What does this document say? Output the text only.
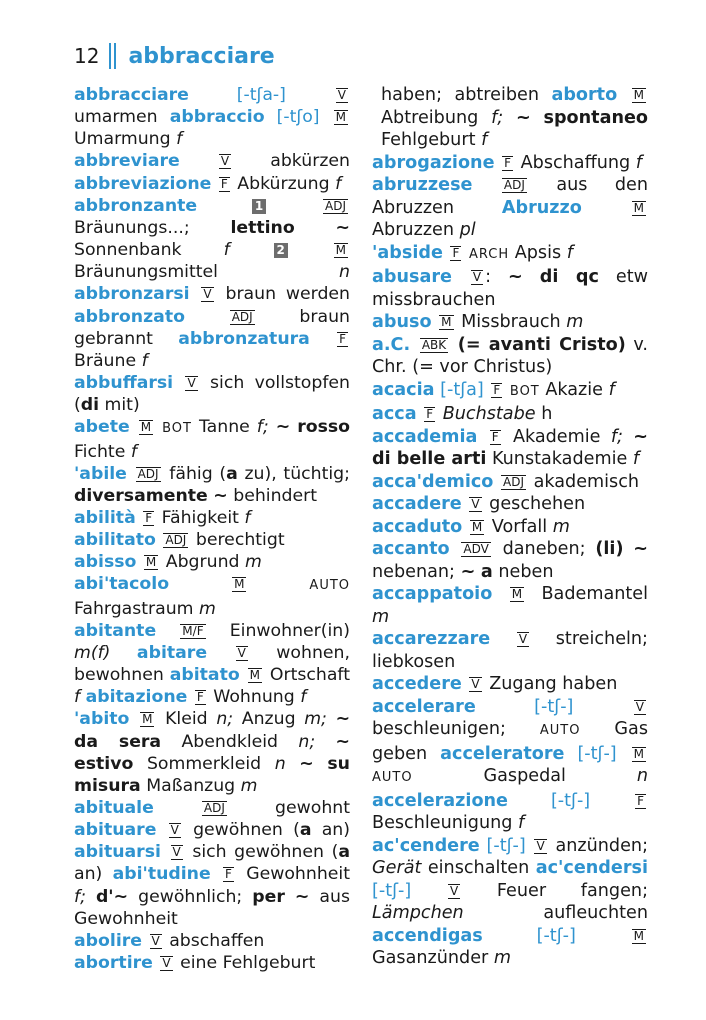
12 abbracciare
abbracciare	[-tʃa-]	V umarmen abbraccio [-tʃo] M Umarmung f
abbreviare	V abkürzen abbreviazione F Abkürzung f
abbronzante	1	ADJ Bräunungs...; lettino ~ Sonnenbank f	2	M Bräunungsmittel	n abbronzarsi V braun werden abbronzato	ADJ	braun gebrannt abbronzatura F Bräune f
abbuffarsi V sich vollstopfen (di mit)
abete M BOT Tanne f; ~ rosso Fichte f
'abile ADJ fähig (a zu), tüchtig; diversamente ~ behindert
abilità F Fähigkeit f
abilitato ADJ berechtigt
abisso M Abgrund m
abi'tacolo	M	AUTO Fahrgastraum m
abitante M/F Einwohner(in) m(f) abitare	V wohnen, bewohnen abitato M Ortschaft f abitazione F Wohnung f
'abito M Kleid n; Anzug m; ~ da sera Abendkleid n; ~ estivo Sommerkleid n ~ su misura Maßanzug m
abituale	ADJ	gewohnt abituare V gewöhnen (a an) abituarsi V sich gewöhnen (a an) abi'tudine F Gewohnheit f; d'~ gewöhnlich; per ~ aus Gewohnheit
abolire V abschaffen
abortire V eine Fehlgeburt
haben; abtreiben aborto M Abtreibung f; ~ spontaneo Fehlgeburt f
abrogazione F Abschaffung f
abruzzese	ADJ aus den Abruzzen	Abruzzo	M Abruzzen pl
'abside F ARCH Apsis f
abusare V : ~ di qc etw missbrauchen
abuso M Missbrauch m
a.C. ABK (= avanti Cristo) v. Chr. (= vor Christus)
acacia [-tʃa] F BOT Akazie f
acca F Buchstabe h
accademia F Akademie f; ~ di belle arti Kunstakademie f
acca'demico ADJ akademisch
accadere V geschehen
accaduto M Vorfall m
accanto ADV daneben; (li) ~ nebenan; ~ a neben
accappatoio M Bademantel m
accarezzare V streicheln; liebkosen
accedere V Zugang haben
accelerare	[-tʃ-]	V beschleunigen;	AUTO Gas geben acceleratore [-tʃ-] M AUTO	Gaspedal	n accelerazione [-tʃ-]	F Beschleunigung f
ac'cendere [-tʃ-] V anzünden; Gerät einschalten ac'cendersi [-tʃ-]	V Feuer fangen; Lämpchen	aufleuchten accendigas	[-tʃ-]	M Gasanzünder m
